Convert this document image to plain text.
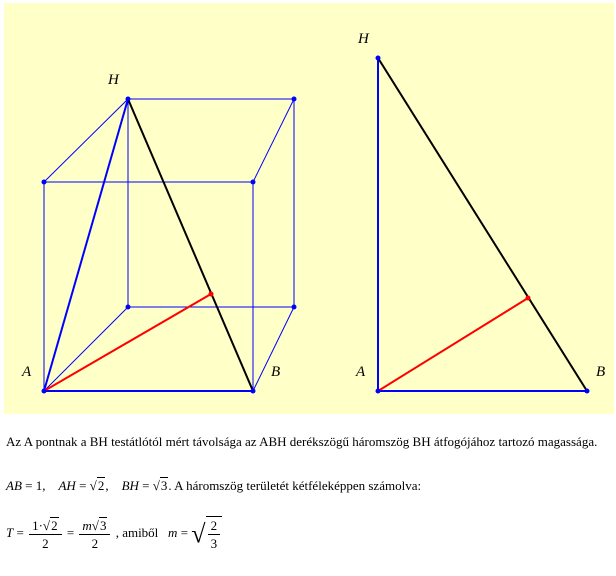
H
A	B
H
A	B
Az A pontnak a BH testátlótól mért távolsága az ABH derékszögű háromszög BH átfogójához tartozó magassága.
AB = 1, AH = √2, BH = √3. A háromszög területét kétféleképpen számolva:
$T = \frac{1\cdot√2}{2} = \frac{m√3}{2}$ , amiből m = √ $\frac{2}{3}$
